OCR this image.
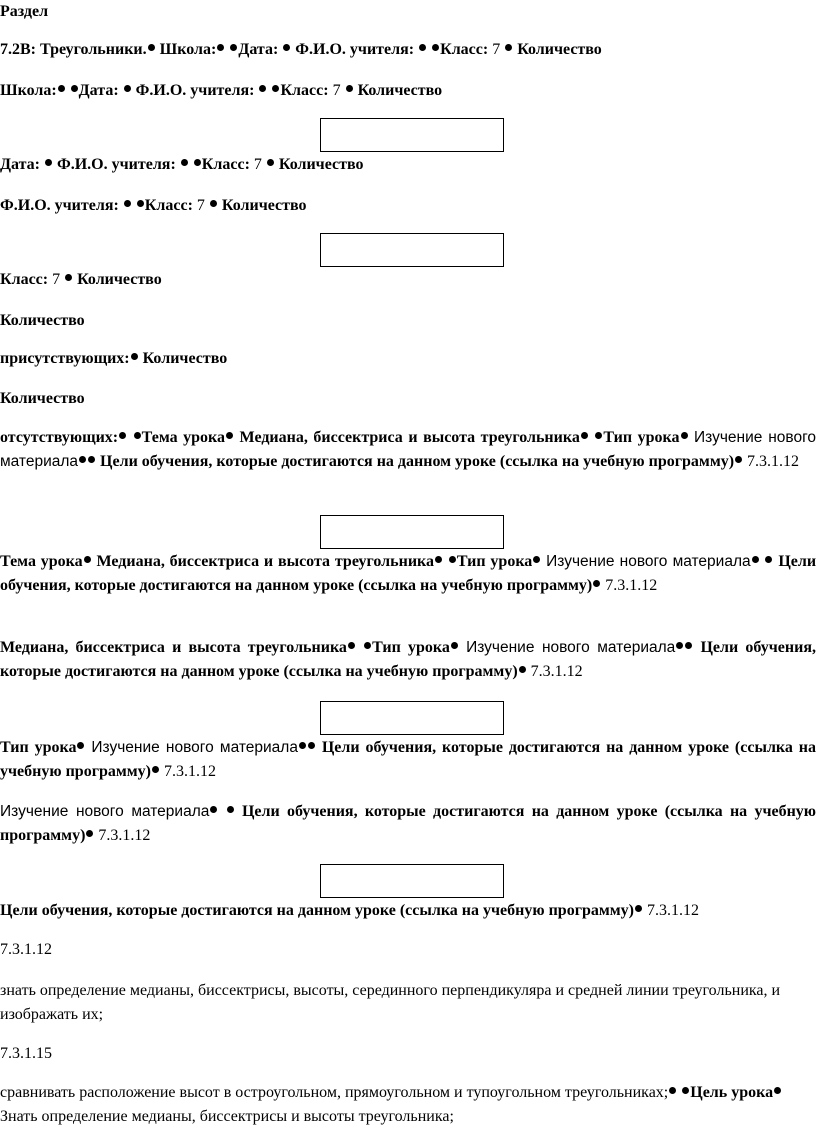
Раздел

7.2В: Треугольники. Школа: Дата: Ф.И.О. учителя: Класс: 7 Количество

Школа: Дата: Ф.И.О. учителя: Класс: 7 Количество

Дата: Ф.И.О. учителя: Класс: 7 Количество

Ф.И.О. учителя: Класс: 7 Количество

Класс: 7 Количество

Количество

присутствующих: Количество

Количество

отсутствующих: Тема урока Медиана, биссектриса и высота треугольника Тип урока Изучение нового материала Цели обучения, которые достигаются на данном уроке (ссылка на учебную программу) 7.3.1.12

Тема урока Медиана, биссектриса и высота треугольника Тип урока Изучение нового материала Цели обучения, которые достигаются на данном уроке (ссылка на учебную программу) 7.3.1.12

Медиана, биссектриса и высота треугольника Тип урока Изучение нового материала Цели обучения, которые достигаются на данном уроке (ссылка на учебную программу) 7.3.1.12

Тип урока Изучение нового материала Цели обучения, которые достигаются на данном уроке (ссылка на учебную программу) 7.3.1.12

Изучение нового материала Цели обучения, которые достигаются на данном уроке (ссылка на учебную программу) 7.3.1.12

Цели обучения, которые достигаются на данном уроке (ссылка на учебную программу) 7.3.1.12

7.3.1.12

знать определение медианы, биссектрисы, высоты, серединного перпендикуляра и средней линии треугольника, и изображать их;

7.3.1.15

сравнивать расположение высот в остроугольном, прямоугольном и тупоугольном треугольниках; Цель урока Знать определение медианы, биссектрисы и высоты треугольника;
